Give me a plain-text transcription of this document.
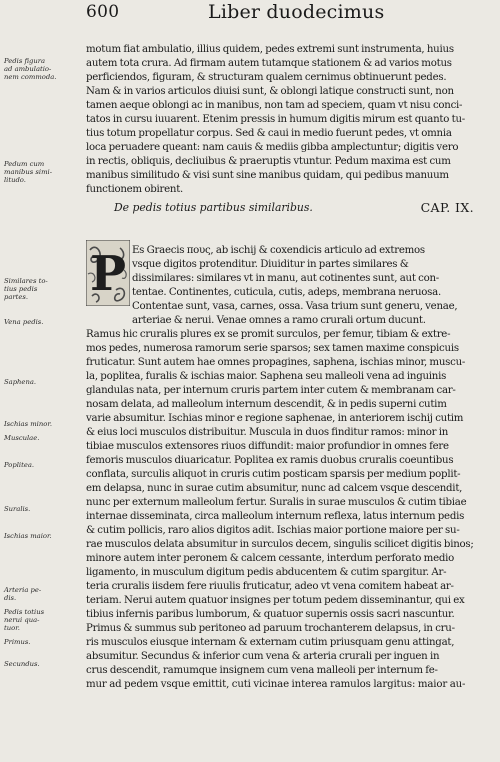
600	Liber duodecimus
Pedis figura
ad ambulatio-
nem commoda.
Pedum cum
manibus simi-
litudo.
Similares to-
tius pedis
partes.
Vena pedis.
Saphena.
Ischias minor.
Musculae.
Poplitea.
Suralis.
Ischias maior.
Arteria pe-
dis.
Pedis totius
nerui qua-
tuor.
Primus.
Secundus.
motum fiat ambulatio, illius quidem, pedes extremi sunt instrumenta, huius
autem tota crura. Ad firmam autem tutamque stationem & ad varios motus
perficiendos, figuram, & structuram qualem cernimus obtinuerunt pedes.
Nam & in varios articulos diuisi sunt, & oblongi latique constructi sunt, non
tamen aeque oblongi ac in manibus, non tam ad speciem, quam vt nisu conci-
tatos in cursu iuuarent. Etenim pressis in humum digitis mirum est quanto tu-
tius totum propellatur corpus. Sed & caui in medio fuerunt pedes, vt omnia
loca peruadere queant: nam cauis & mediis gibba amplectuntur; digitis vero
in rectis, obliquis, decliuibus & praeruptis vtuntur. Pedum maxima est cum
manibus similitudo & visi sunt sine manibus quidam, qui pedibus manuum
functionem obirent.
De pedis totius partibus similaribus.	CAP. IX.
P Es Graecis πους, ab ischij & coxendicis articulo ad extremos
vsque digitos protenditur. Diuiditur in partes similares &
dissimilares: similares vt in manu, aut cotinentes sunt, aut con-
tentae. Continentes, cuticula, cutis, adeps, membrana neruosa.
Contentae sunt, vasa, carnes, ossa. Vasa trium sunt generu, venae,
arteriae & nerui. Venae omnes a ramo crurali ortum ducunt.
Ramus hic cruralis plures ex se promit surculos, per femur, tibiam & extre-
mos pedes, numerosa ramorum serie sparsos; sex tamen maxime conspicuis
fruticatur. Sunt autem hae omnes propagines, saphena, ischias minor, muscu-
la, poplitea, furalis & ischias maior. Saphena seu malleoli vena ad inguinis
glandulas nata, per internum cruris partem inter cutem & membranam car-
nosam delata, ad malleolum internum descendit, & in pedis superni cutim
varie absumitur. Ischias minor e regione saphenae, in anteriorem ischij cutim
& eius loci musculos distribuitur. Muscula in duos finditur ramos: minor in
tibiae musculos extensores riuos diffundit: maior profundior in omnes fere
femoris musculos diuaricatur. Poplitea ex ramis duobus cruralis coeuntibus
conflata, surculis aliquot in cruris cutim posticam sparsis per medium poplit-
em delapsa, nunc in surae cutim absumitur, nunc ad calcem vsque descendit,
nunc per externum malleolum fertur. Suralis in surae musculos & cutim tibiae
internae disseminata, circa malleolum internum reflexa, latus internum pedis
& cutim pollicis, raro alios digitos adit. Ischias maior portione maiore per su-
rae musculos delata absumitur in surculos decem, singulis scilicet digitis binos;
minore autem inter peronem & calcem cessante, interdum perforato medio
ligamento, in musculum digitum pedis abducentem & cutim spargitur. Ar-
teria cruralis iisdem fere riuulis fruticatur, adeo vt vena comitem habeat ar-
teriam. Nerui autem quatuor insignes per totum pedem disseminantur, qui ex
tibius infernis paribus lumborum, & quatuor supernis ossis sacri nascuntur.
Primus & summus sub peritoneo ad paruum trochanterem delapsus, in cru-
ris musculos eiusque internam & externam cutim priusquam genu attingat,
absumitur. Secundus & inferior cum vena & arteria crurali per inguen in
crus descendit, ramumque insignem cum vena malleoli per internum fe-
mur ad pedem vsque emittit, cuti vicinae interea ramulos largitus: maior au-
